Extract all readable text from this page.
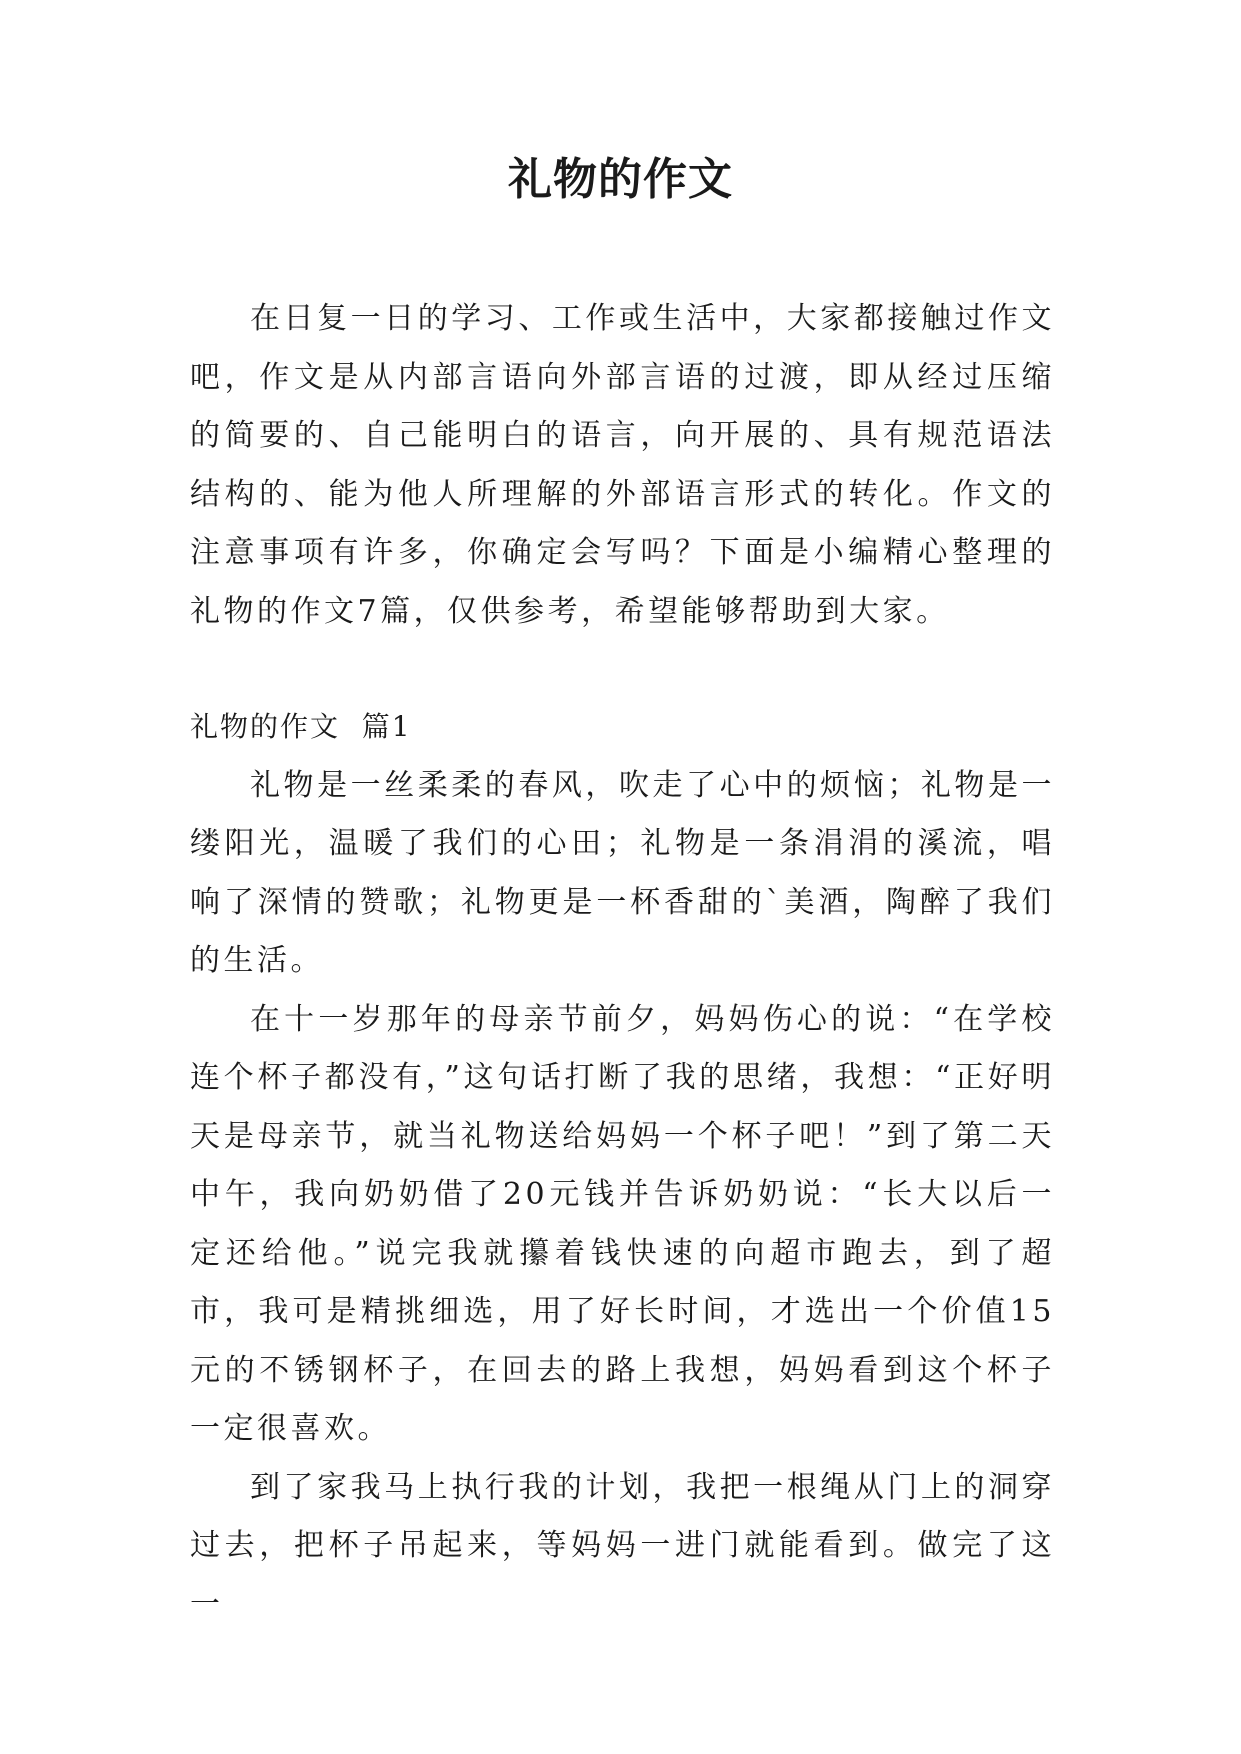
礼物的作文

在日复一日的学习、工作或生活中，大家都接触过作文吧，作文是从内部言语向外部言语的过渡，即从经过压缩的简要的、自己能明白的语言，向开展的、具有规范语法结构的、能为他人所理解的外部语言形式的转化。作文的注意事项有许多，你确定会写吗？下面是小编精心整理的礼物的作文7篇，仅供参考，希望能够帮助到大家。

礼物的作文  篇1

礼物是一丝柔柔的春风，吹走了心中的烦恼；礼物是一缕阳光，温暖了我们的心田；礼物是一条涓涓的溪流，唱响了深情的赞歌；礼物更是一杯香甜的`美酒，陶醉了我们的生活。

在十一岁那年的母亲节前夕，妈妈伤心的说：“在学校连个杯子都没有，”这句话打断了我的思绪，我想：“正好明天是母亲节，就当礼物送给妈妈一个杯子吧！”到了第二天中午，我向奶奶借了20元钱并告诉奶奶说：“长大以后一定还给他。”说完我就攥着钱快速的向超市跑去，到了超市，我可是精挑细选，用了好长时间，才选出一个价值15元的不锈钢杯子，在回去的路上我想，妈妈看到这个杯子一定很喜欢。

到了家我马上执行我的计划，我把一根绳从门上的洞穿过去，把杯子吊起来，等妈妈一进门就能看到。做完了这一
